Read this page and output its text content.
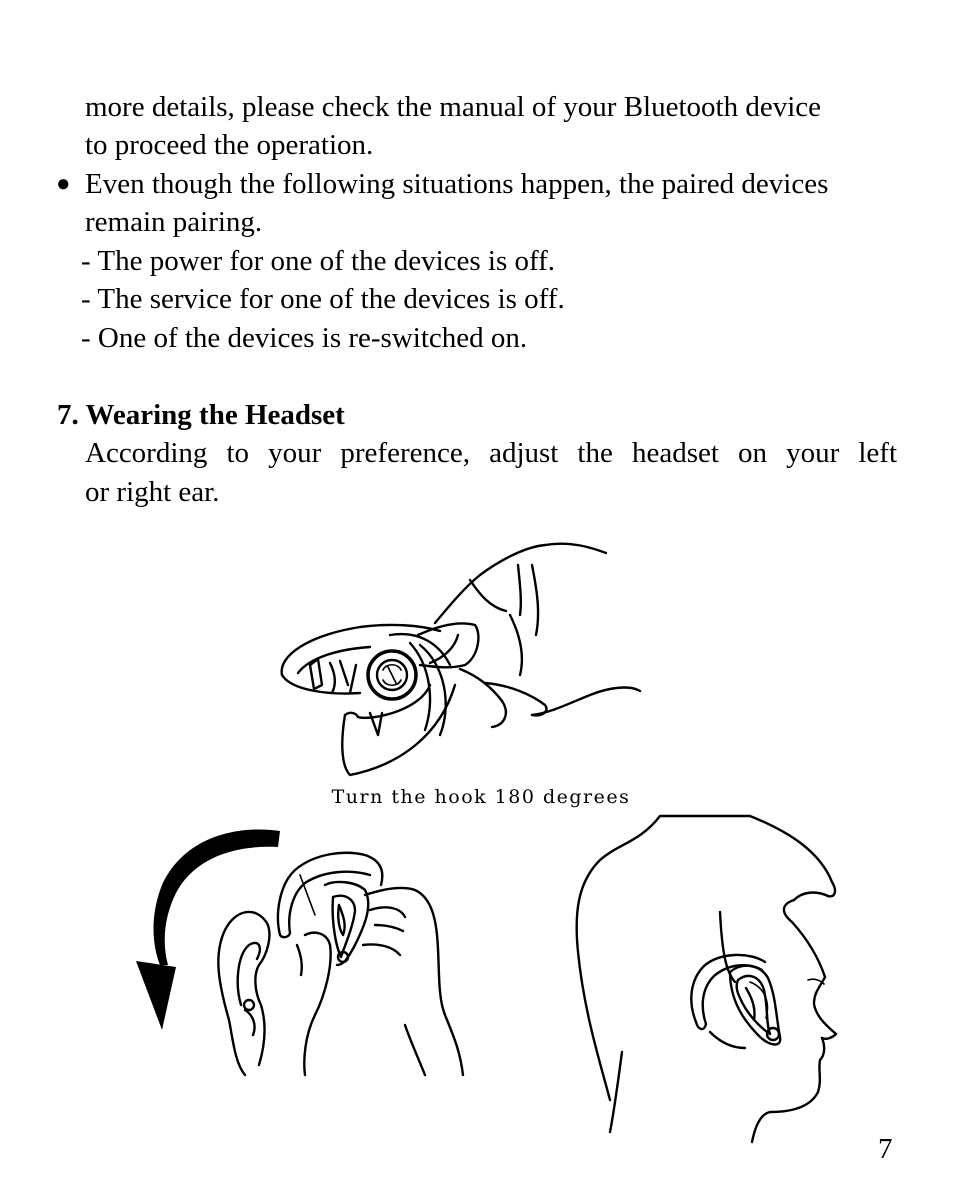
more details, please check the manual of your Bluetooth device
to proceed the operation.
● Even though the following situations happen, the paired devices
remain pairing.
- The power for one of the devices is off.
- The service for one of the devices is off.
- One of the devices is re-switched on.
7. Wearing the Headset
According to your preference, adjust the headset on your left
or right ear.
Turn the hook 180 degrees
7
